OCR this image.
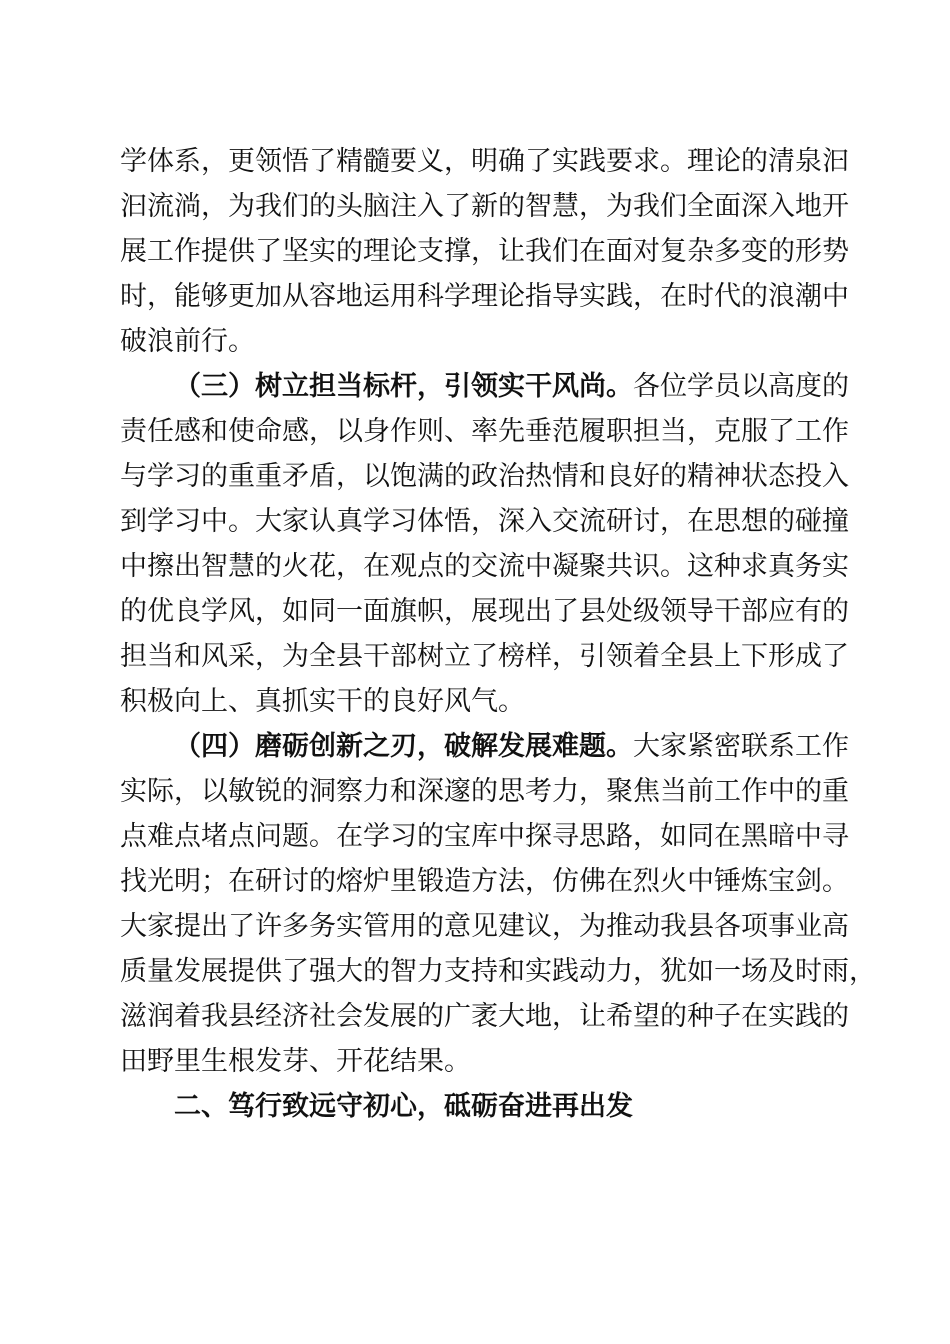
学体系，更领悟了精髓要义，明确了实践要求。理论的清泉汩
汩流淌，为我们的头脑注入了新的智慧，为我们全面深入地开
展工作提供了坚实的理论支撑，让我们在面对复杂多变的形势
时，能够更加从容地运用科学理论指导实践，在时代的浪潮中
破浪前行。
（三）树立担当标杆，引领实干风尚。各位学员以高度的
责任感和使命感，以身作则、率先垂范履职担当，克服了工作
与学习的重重矛盾，以饱满的政治热情和良好的精神状态投入
到学习中。大家认真学习体悟，深入交流研讨，在思想的碰撞
中擦出智慧的火花，在观点的交流中凝聚共识。这种求真务实
的优良学风，如同一面旗帜，展现出了县处级领导干部应有的
担当和风采，为全县干部树立了榜样，引领着全县上下形成了
积极向上、真抓实干的良好风气。
（四）磨砺创新之刃，破解发展难题。大家紧密联系工作
实际，以敏锐的洞察力和深邃的思考力，聚焦当前工作中的重
点难点堵点问题。在学习的宝库中探寻思路，如同在黑暗中寻
找光明；在研讨的熔炉里锻造方法，仿佛在烈火中锤炼宝剑。
大家提出了许多务实管用的意见建议，为推动我县各项事业高
质量发展提供了强大的智力支持和实践动力，犹如一场及时雨，
滋润着我县经济社会发展的广袤大地，让希望的种子在实践的
田野里生根发芽、开花结果。
二、笃行致远守初心，砥砺奋进再出发
